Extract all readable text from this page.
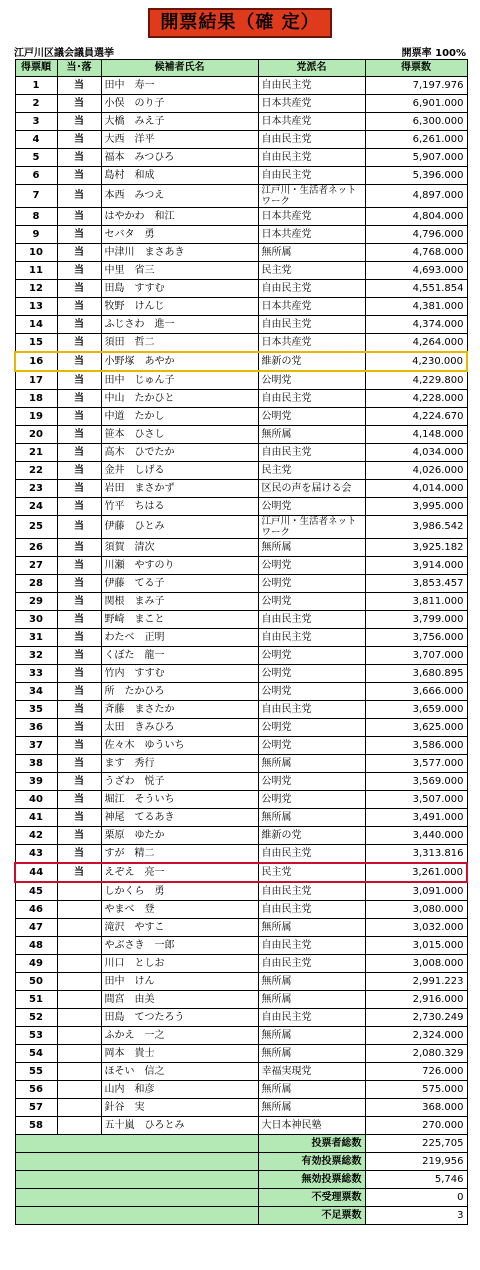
開票結果（確 定）
江戸川区議会議員選挙	開票率 100%
得票順	当･落	候補者氏名	党派名	得票数
1	当	田中　寿一	自由民主党	7,197.976
2	当	小俣　のり子	日本共産党	6,901.000
3	当	大橋　みえ子	日本共産党	6,300.000
4	当	大西　洋平	自由民主党	6,261.000
5	当	福本　みつひろ	自由民主党	5,907.000
6	当	島村　和成	自由民主党	5,396.000
7	当	本西　みつえ	江戸川・生活者ネットワーク	4,897.000
8	当	はやかわ　和江	日本共産党	4,804.000
9	当	セバタ　勇	日本共産党	4,796.000
10	当	中津川　まさあき	無所属	4,768.000
11	当	中里　省三	民主党	4,693.000
12	当	田島　すすむ	自由民主党	4,551.854
13	当	牧野　けんじ	日本共産党	4,381.000
14	当	ふじさわ　進一	自由民主党	4,374.000
15	当	須田　哲二	日本共産党	4,264.000
16	当	小野塚　あやか	維新の党	4,230.000
17	当	田中　じゅん子	公明党	4,229.800
18	当	中山　たかひと	自由民主党	4,228.000
19	当	中道　たかし	公明党	4,224.670
20	当	笹本　ひさし	無所属	4,148.000
21	当	高木　ひでたか	自由民主党	4,034.000
22	当	金井　しげる	民主党	4,026.000
23	当	岩田　まさかず	区民の声を届ける会	4,014.000
24	当	竹平　ちはる	公明党	3,995.000
25	当	伊藤　ひとみ	江戸川・生活者ネットワーク	3,986.542
26	当	須賀　清次	無所属	3,925.182
27	当	川瀬　やすのり	公明党	3,914.000
28	当	伊藤　てる子	公明党	3,853.457
29	当	関根　まみ子	公明党	3,811.000
30	当	野崎　まこと	自由民主党	3,799.000
31	当	わたべ　正明	自由民主党	3,756.000
32	当	くぼた　龍一	公明党	3,707.000
33	当	竹内　すすむ	公明党	3,680.895
34	当	所　たかひろ	公明党	3,666.000
35	当	斉藤　まさたか	自由民主党	3,659.000
36	当	太田　きみひろ	公明党	3,625.000
37	当	佐々木　ゆういち	公明党	3,586.000
38	当	ます　秀行	無所属	3,577.000
39	当	うざわ　悦子	公明党	3,569.000
40	当	堀江　そういち	公明党	3,507.000
41	当	神尾　てるあき	無所属	3,491.000
42	当	栗原　ゆたか	維新の党	3,440.000
43	当	すが　精二	自由民主党	3,313.816
44	当	えぞえ　亮一	民主党	3,261.000
45		しかくら　勇	自由民主党	3,091.000
46		やまべ　登	自由民主党	3,080.000
47		滝沢　やすこ	無所属	3,032.000
48		やぶさき　一郎	自由民主党	3,015.000
49		川口　としお	自由民主党	3,008.000
50		田中　けん	無所属	2,991.223
51		間宮　由美	無所属	2,916.000
52		田島　てつたろう	自由民主党	2,730.249
53		ふかえ　一之	無所属	2,324.000
54		岡本　貴士	無所属	2,080.329
55		ほそい　信之	幸福実現党	726.000
56		山内　和彦	無所属	575.000
57		針谷　実	無所属	368.000
58		五十嵐　ひろとみ	大日本神民塾	270.000
			投票者総数	225,705
			有効投票総数	219,956
			無効投票総数	5,746
			不受理票数	0
			不足票数	3
